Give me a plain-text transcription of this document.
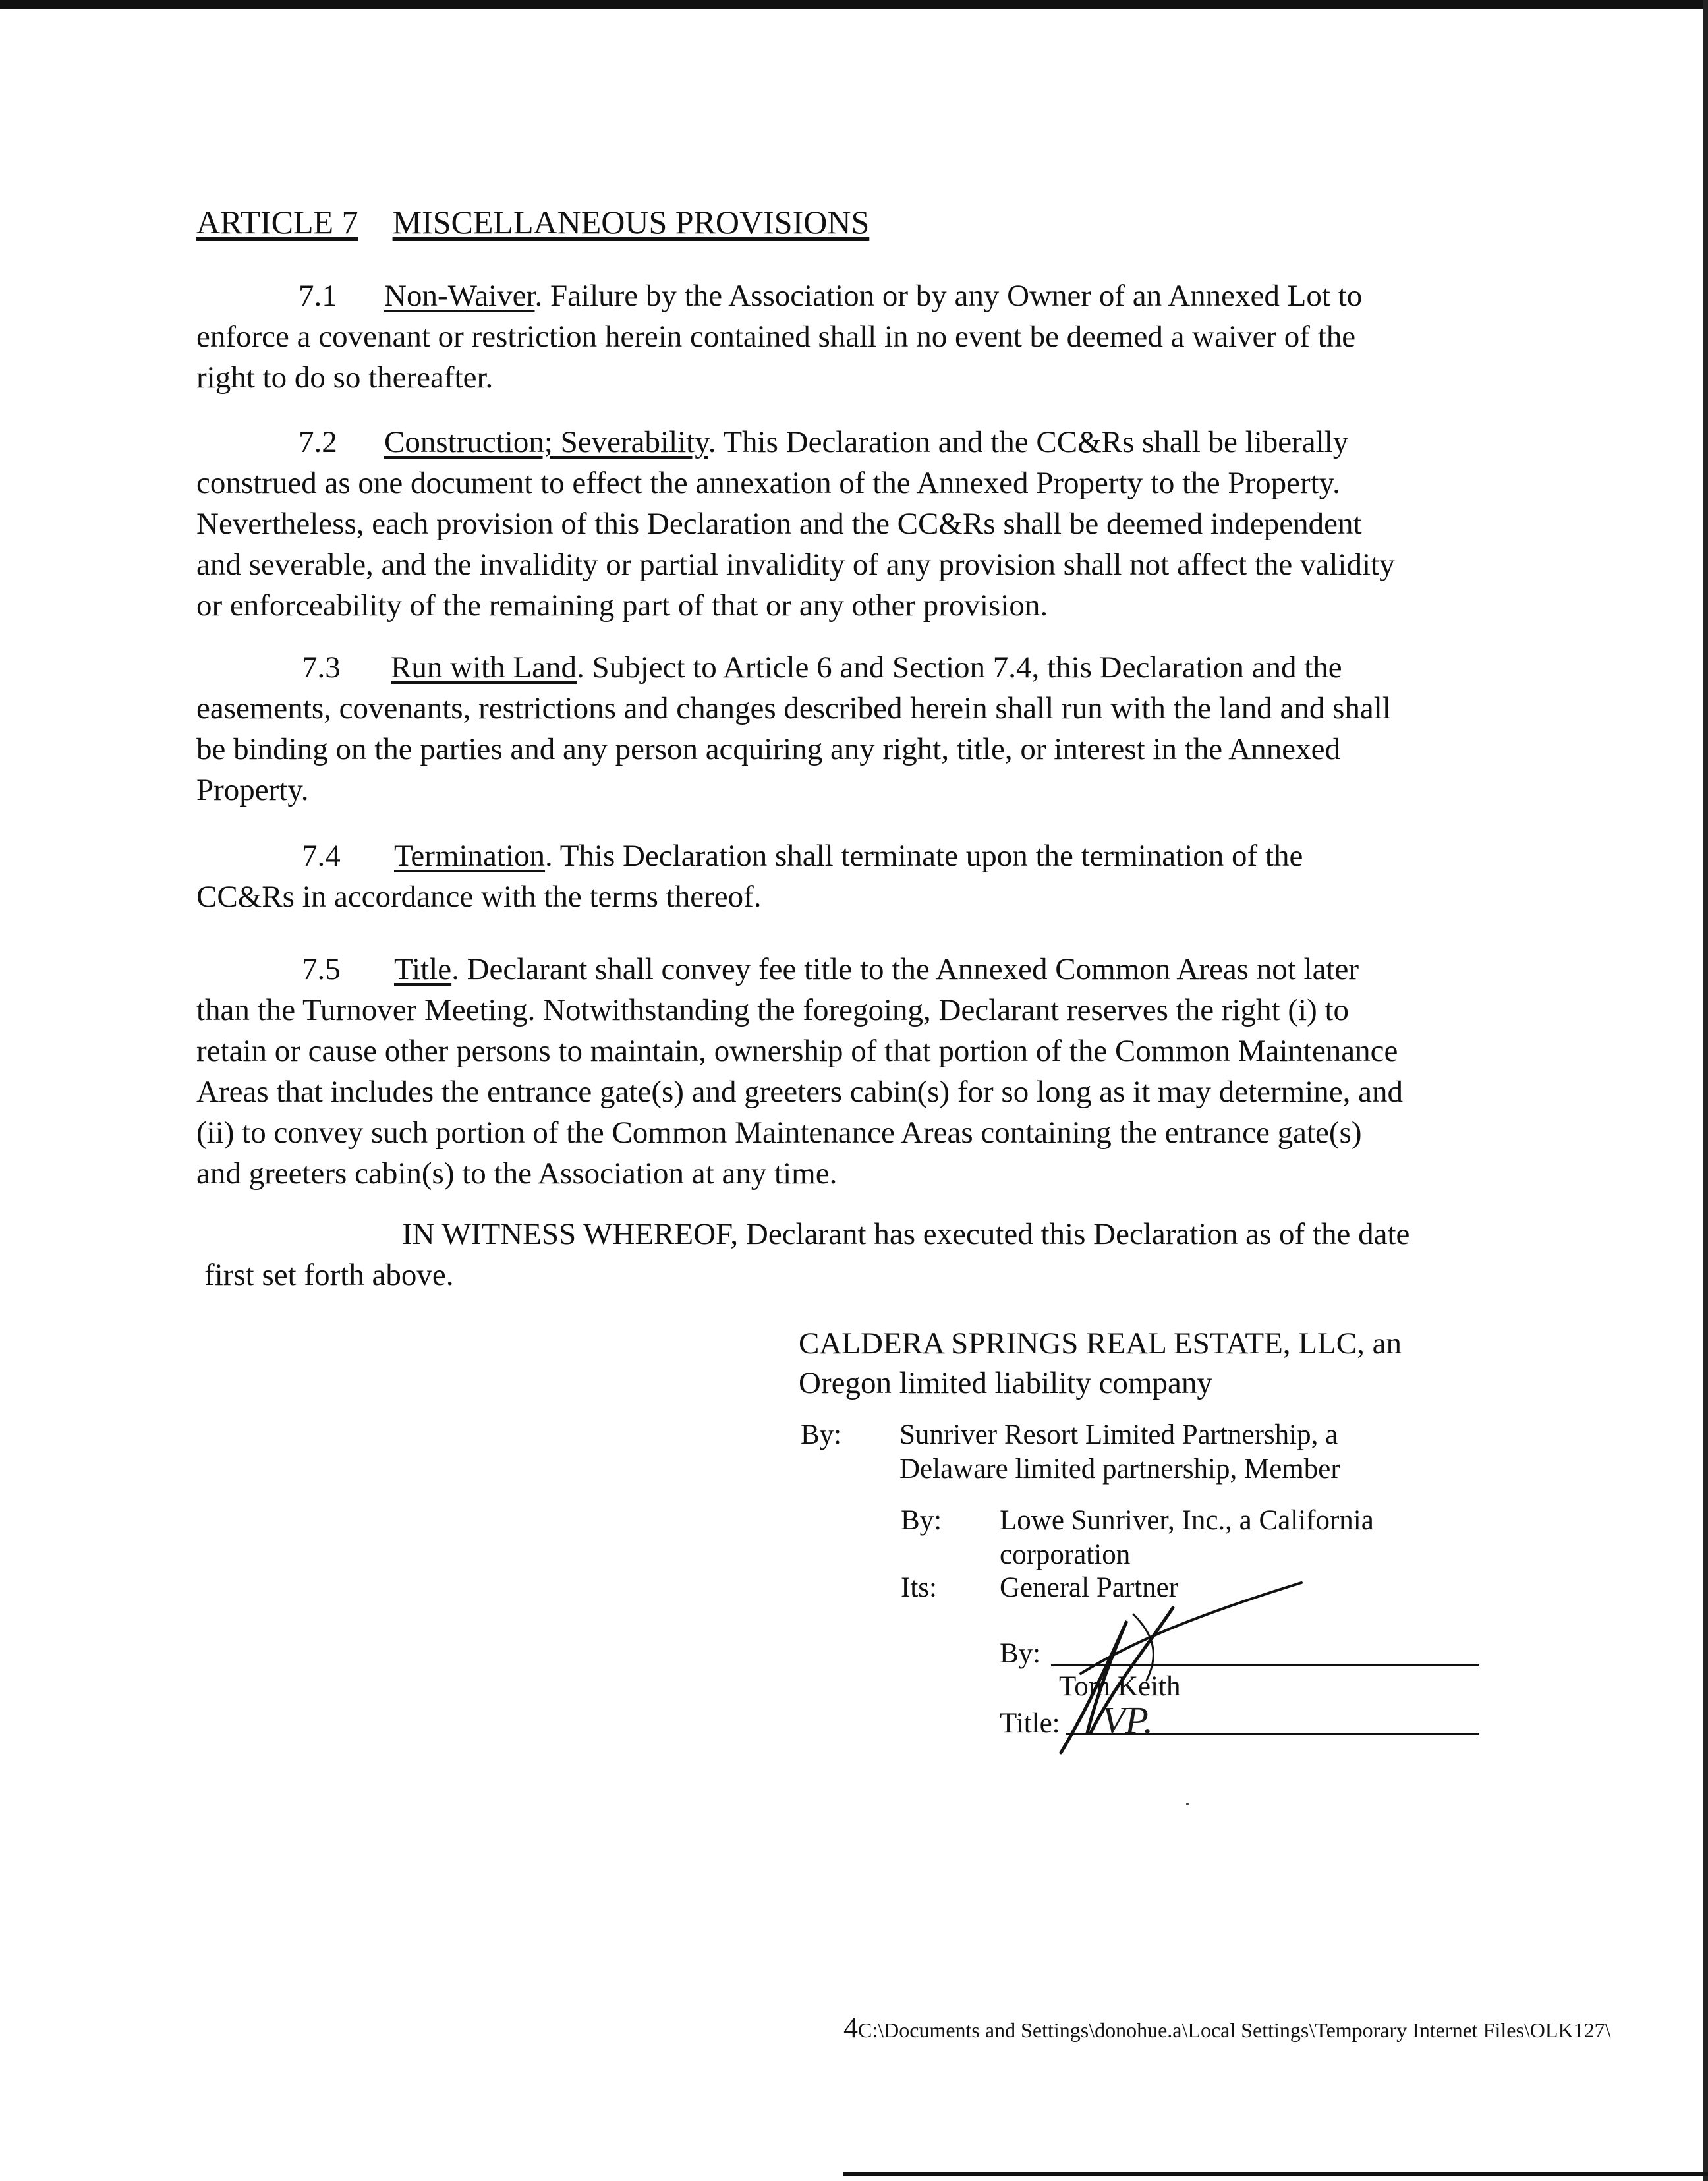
ARTICLE 7 MISCELLANEOUS PROVISIONS
7.1 Non-Waiver. Failure by the Association or by any Owner of an Annexed Lot to
enforce a covenant or restriction herein contained shall in no event be deemed a waiver of the
right to do so thereafter.
7.2 Construction; Severability. This Declaration and the CC&Rs shall be liberally
construed as one document to effect the annexation of the Annexed Property to the Property.
Nevertheless, each provision of this Declaration and the CC&Rs shall be deemed independent
and severable, and the invalidity or partial invalidity of any provision shall not affect the validity
or enforceability of the remaining part of that or any other provision.
7.3 Run with Land. Subject to Article 6 and Section 7.4, this Declaration and the
easements, covenants, restrictions and changes described herein shall run with the land and shall
be binding on the parties and any person acquiring any right, title, or interest in the Annexed
Property.
7.4 Termination. This Declaration shall terminate upon the termination of the
CC&Rs in accordance with the terms thereof.
7.5 Title. Declarant shall convey fee title to the Annexed Common Areas not later
than the Turnover Meeting. Notwithstanding the foregoing, Declarant reserves the right (i) to
retain or cause other persons to maintain, ownership of that portion of the Common Maintenance
Areas that includes the entrance gate(s) and greeters cabin(s) for so long as it may determine, and
(ii) to convey such portion of the Common Maintenance Areas containing the entrance gate(s)
and greeters cabin(s) to the Association at any time.
IN WITNESS WHEREOF, Declarant has executed this Declaration as of the date
first set forth above.
CALDERA SPRINGS REAL ESTATE, LLC, an
Oregon limited liability company
By: Sunriver Resort Limited Partnership, a
Delaware limited partnership, Member
By: Lowe Sunriver, Inc., a California
corporation
Its: General Partner
By:
Tom Keith
Title: VP.
4C:\Documents and Settings\donohue.a\Local Settings\Temporary Internet Files\OLK127\
